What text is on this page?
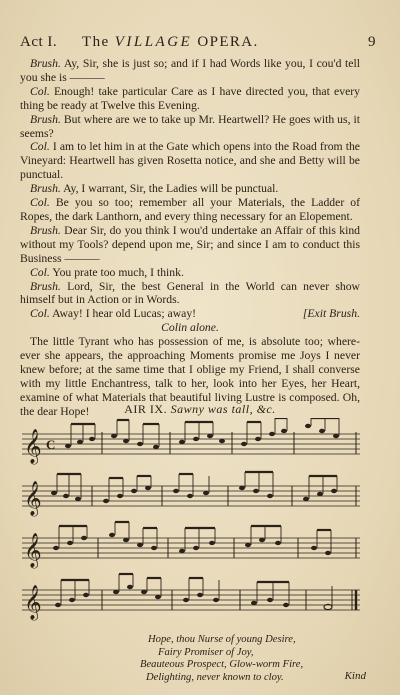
Act I. The VILLAGE OPERA.	9

Brush. Ay, Sir, she is just so; and if I had Words like you, I cou'd tell you she is ———

Col. Enough! take particular Care as I have directed you, that every thing be ready at Twelve this Evening.

Brush. But where are we to take up Mr. Heartwell? He goes with us, it seems?

Col. I am to let him in at the Gate which opens into the Road from the Vineyard: Heartwell has given Rosetta notice, and she and Betty will be punctual.

Brush. Ay, I warrant, Sir, the Ladies will be punctual.

Col. Be you so too; remember all your Materials, the Ladder of Ropes, the dark Lanthorn, and every thing necessary for an Elopement.

Brush. Dear Sir, do you think I wou'd undertake an Affair of this kind without my Tools? depend upon me, Sir; and since I am to conduct this Business ———

Col. You prate too much, I think.

Brush. Lord, Sir, the best General in the World can never show himself but in Action or in Words.

Col. Away! I hear old Lucas; away!	[Exit Brush.

Colin alone.

The little Tyrant who has possession of me, is absolute too; where-ever she appears, the approaching Moments promise me Joys I never knew before; at the same time that I oblige my Friend, I shall converse with my little Enchantress, talk to her, look into her Eyes, her Heart, examine of what Materials that beautiful living Lustre is composed. Oh, the dear Hope!	AIR IX. Sawny was tall, &c.
𝄞 C
𝄞
𝄞
𝄞
Hope, thou Nurse of young Desire,
Fairy Promiser of Joy,
Beauteous Prospect, Glow-worm Fire,
Delighting, never known to cloy.	Kind
